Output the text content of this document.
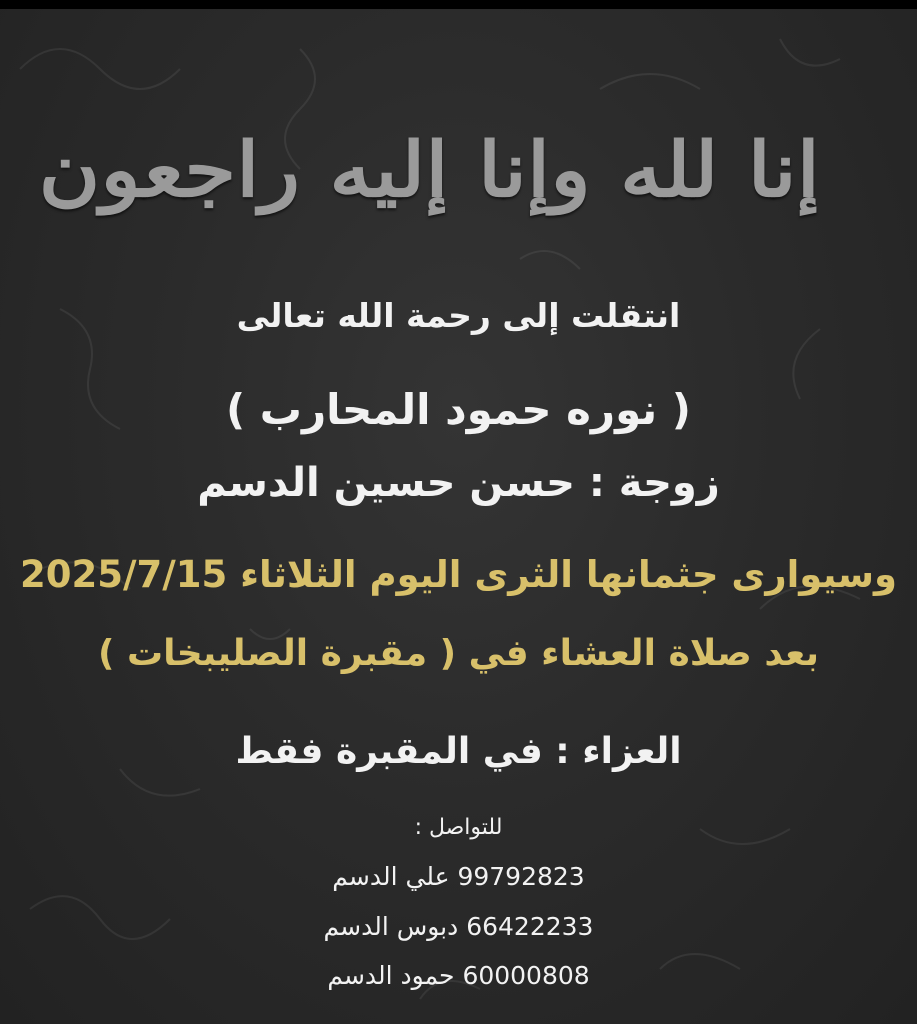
إنا لله وإنا إليه راجعون
انتقلت إلى رحمة الله تعالى
( نوره حمود المحارب )
زوجة : حسن حسين الدسم
وسيوارى جثمانها الثرى اليوم الثلاثاء 2025/7/15
بعد صلاة العشاء في ( مقبرة الصليبخات )
العزاء : في المقبرة فقط
للتواصل :
99792823 علي الدسم
66422233 دبوس الدسم
60000808 حمود الدسم
